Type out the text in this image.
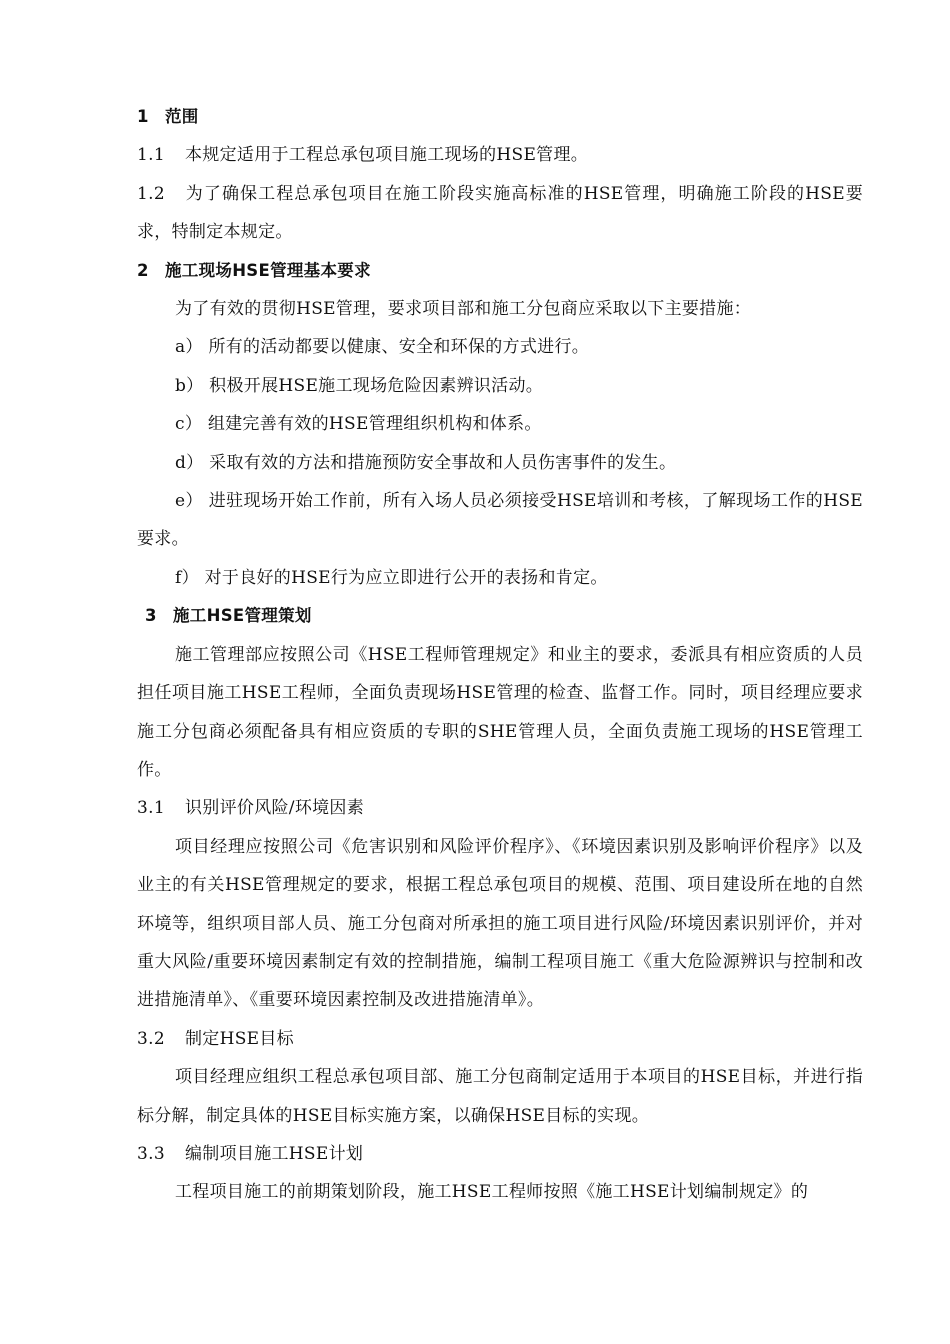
1 范围

1.1 本规定适用于工程总承包项目施工现场的HSE管理。

1.2 为了确保工程总承包项目在施工阶段实施高标准的HSE管理，明确施工阶段的HSE要求，特制定本规定。

2 施工现场HSE管理基本要求

为了有效的贯彻HSE管理，要求项目部和施工分包商应采取以下主要措施：

a） 所有的活动都要以健康、安全和环保的方式进行。

b） 积极开展HSE施工现场危险因素辨识活动。

c） 组建完善有效的HSE管理组织机构和体系。

d） 采取有效的方法和措施预防安全事故和人员伤害事件的发生。

e） 进驻现场开始工作前，所有入场人员必须接受HSE培训和考核，了解现场工作的HSE要求。

f） 对于良好的HSE行为应立即进行公开的表扬和肯定。

3 施工HSE管理策划

施工管理部应按照公司《HSE工程师管理规定》和业主的要求，委派具有相应资质的人员担任项目施工HSE工程师，全面负责现场HSE管理的检查、监督工作。同时，项目经理应要求施工分包商必须配备具有相应资质的专职的SHE管理人员，全面负责施工现场的HSE管理工作。

3.1 识别评价风险/环境因素

项目经理应按照公司《危害识别和风险评价程序》、《环境因素识别及影响评价程序》以及业主的有关HSE管理规定的要求，根据工程总承包项目的规模、范围、项目建设所在地的自然环境等，组织项目部人员、施工分包商对所承担的施工项目进行风险/环境因素识别评价，并对重大风险/重要环境因素制定有效的控制措施，编制工程项目施工《重大危险源辨识与控制和改进措施清单》、《重要环境因素控制及改进措施清单》。

3.2 制定HSE目标

项目经理应组织工程总承包项目部、施工分包商制定适用于本项目的HSE目标，并进行指标分解，制定具体的HSE目标实施方案，以确保HSE目标的实现。

3.3 编制项目施工HSE计划

工程项目施工的前期策划阶段，施工HSE工程师按照《施工HSE计划编制规定》的
